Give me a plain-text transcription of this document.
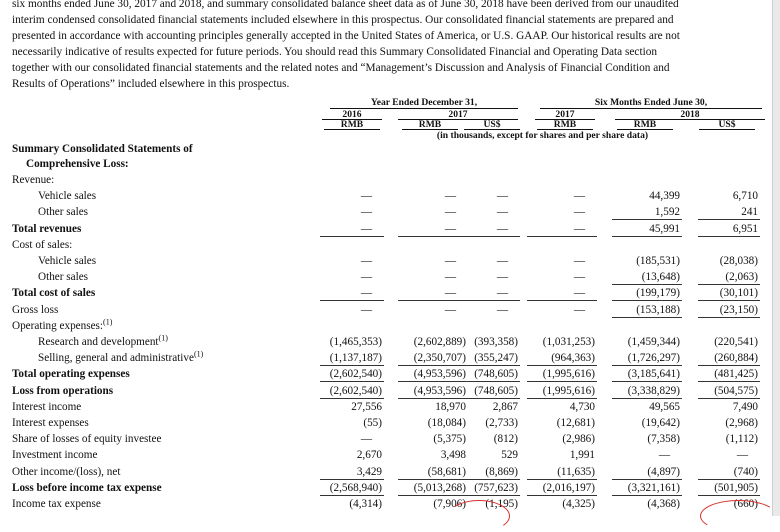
six months ended June 30, 2017 and 2018, and summary consolidated balance sheet data as of June 30, 2018 have been derived from our unaudited

interim condensed consolidated financial statements included elsewhere in this prospectus. Our consolidated financial statements are prepared and

presented in accordance with accounting principles generally accepted in the United States of America, or U.S. GAAP. Our historical results are not

necessarily indicative of results expected for future periods. You should read this Summary Consolidated Financial and Operating Data section

together with our consolidated financial statements and the related notes and “Management’s Discussion and Analysis of Financial Condition and

Results of Operations” included elsewhere in this prospectus.

Year Ended December 31,	Six Months Ended June 30,
2016	2017	2017	2018
RMB	RMB	US$	RMB	RMB	US$
(in thousands, except for shares and per share data)
Summary Consolidated Statements of
Comprehensive Loss:
Revenue:
Vehicle sales	—	—	—	—	44,399	6,710
Other sales	—	—	—	—	1,592	241
Total revenues	—	—	—	—	45,991	6,951
Cost of sales:
Vehicle sales	—	—	—	—	(185,531)	(28,038)
Other sales	—	—	—	—	(13,648)	(2,063)
Total cost of sales	—	—	—	—	(199,179)	(30,101)
Gross loss	—	—	—	—	(153,188)	(23,150)
Operating expenses:$^{(1)}$
Research and development$^{(1)}$	(1,465,353)	(2,602,889) (393,358)	(1,031,253)	(1,459,344)	(220,541)
Selling, general and administrative$^{(1)}$	(1,137,187)	(2,350,707) (355,247)	(964,363)	(1,726,297)	(260,884)
Total operating expenses	(2,602,540)	(4,953,596) (748,605)	(1,995,616)	(3,185,641)	(481,425)
Loss from operations	(2,602,540)	(4,953,596) (748,605)	(1,995,616)	(3,338,829)	(504,575)
Interest income	27,556	18,970	2,867	4,730	49,565	7,490
Interest expenses	(55)	(18,084)	(2,733)	(12,681)	(19,642)	(2,968)
Share of losses of equity investee	—	(5,375)	(812)	(2,986)	(7,358)	(1,112)
Investment income	2,670	3,498	529	1,991	—	—
Other income/(loss), net	3,429	(58,681)	(8,869)	(11,635)	(4,897)	(740)
Loss before income tax expense	(2,568,940)	(5,013,268) (757,623)	(2,016,197)	(3,321,161)	(501,905)
Income tax expense	(4,314)	(7,906)	(1,195)	(4,325)	(4,368)	(660)
